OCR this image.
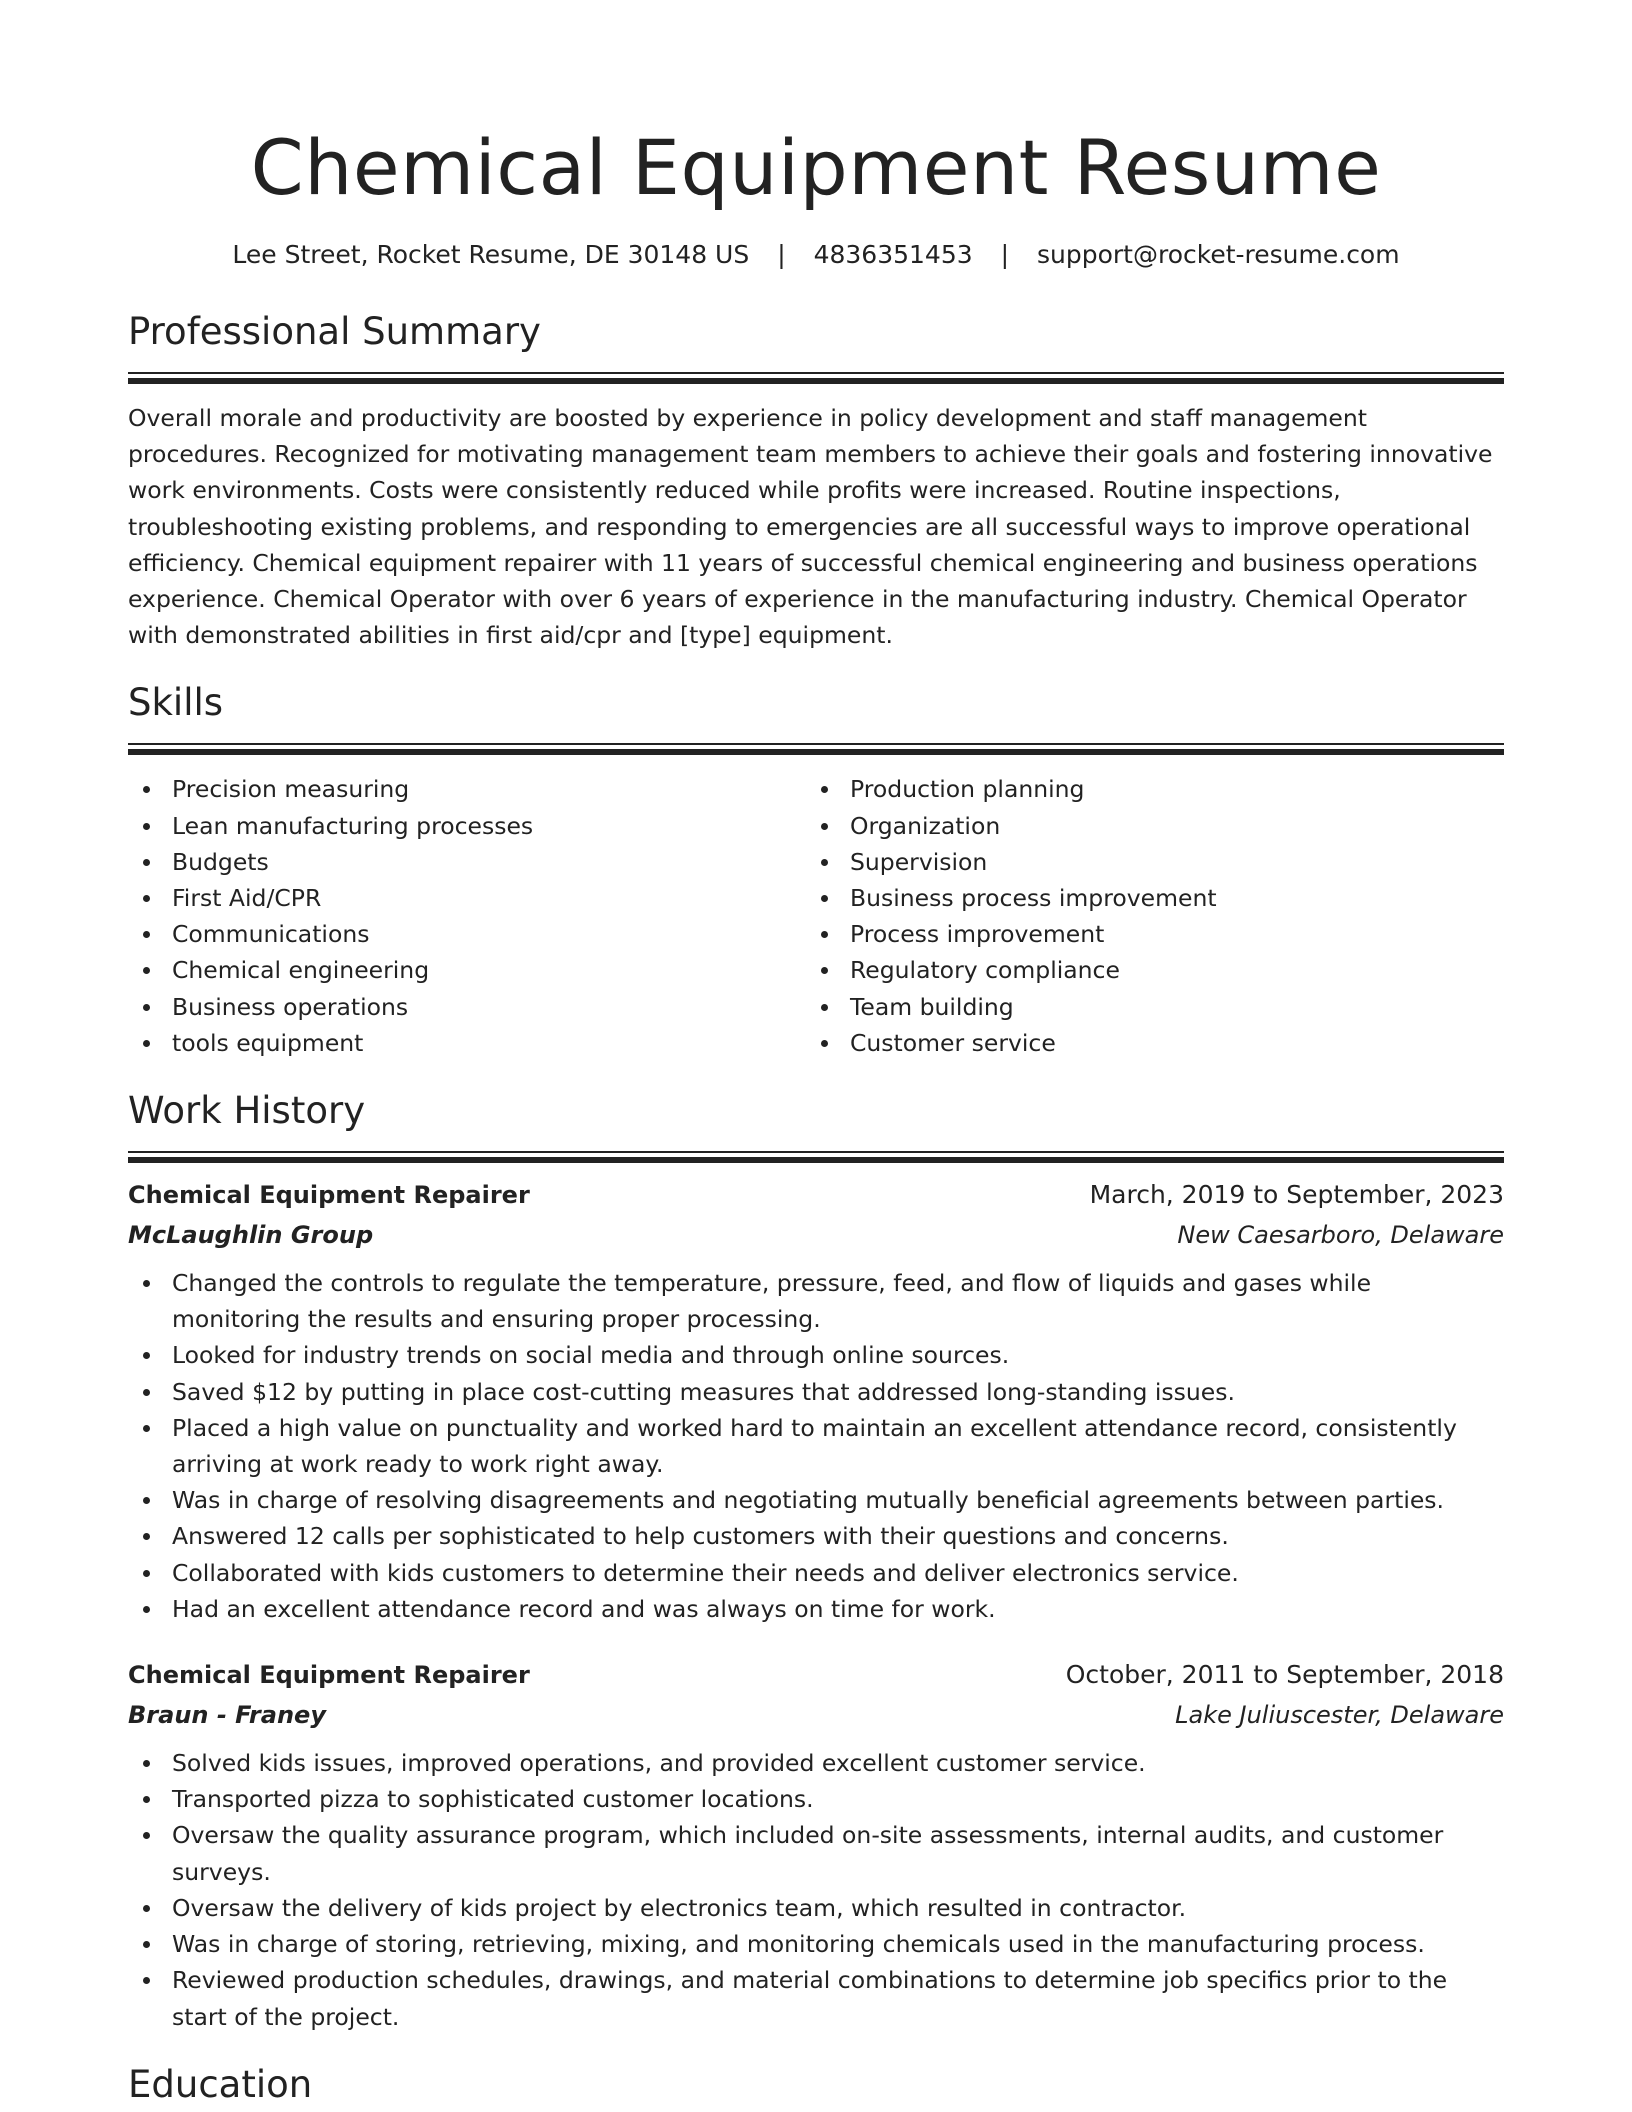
Chemical Equipment Resume
Lee Street, Rocket Resume, DE 30148 US | 4836351453 | support@rocket-resume.com
Professional Summary

Overall morale and productivity are boosted by experience in policy development and staff management procedures. Recognized for motivating management team members to achieve their goals and fostering innovative work environments. Costs were consistently reduced while profits were increased. Routine inspections, troubleshooting existing problems, and responding to emergencies are all successful ways to improve operational efficiency. Chemical equipment repairer with 11 years of successful chemical engineering and business operations experience. Chemical Operator with over 6 years of experience in the manufacturing industry. Chemical Operator with demonstrated abilities in first aid/cpr and [type] equipment.

Skills
Precision measuring
Lean manufacturing processes
Budgets
First Aid/CPR
Communications
Chemical engineering
Business operations
tools equipment
Production planning
Organization
Supervision
Business process improvement
Process improvement
Regulatory compliance
Team building
Customer service
Work History
Chemical Equipment Repairer	March, 2019 to September, 2023
McLaughlin Group	New Caesarboro, Delaware
Changed the controls to regulate the temperature, pressure, feed, and flow of liquids and gases while monitoring the results and ensuring proper processing.
Looked for industry trends on social media and through online sources.
Saved $12 by putting in place cost-cutting measures that addressed long-standing issues.
Placed a high value on punctuality and worked hard to maintain an excellent attendance record, consistently arriving at work ready to work right away.
Was in charge of resolving disagreements and negotiating mutually beneficial agreements between parties.
Answered 12 calls per sophisticated to help customers with their questions and concerns.
Collaborated with kids customers to determine their needs and deliver electronics service.
Had an excellent attendance record and was always on time for work.
Chemical Equipment Repairer	October, 2011 to September, 2018
Braun - Franey	Lake Juliuscester, Delaware
Solved kids issues, improved operations, and provided excellent customer service.
Transported pizza to sophisticated customer locations.
Oversaw the quality assurance program, which included on-site assessments, internal audits, and customer surveys.
Oversaw the delivery of kids project by electronics team, which resulted in contractor.
Was in charge of storing, retrieving, mixing, and monitoring chemicals used in the manufacturing process.
Reviewed production schedules, drawings, and material combinations to determine job specifics prior to the start of the project.
Education
